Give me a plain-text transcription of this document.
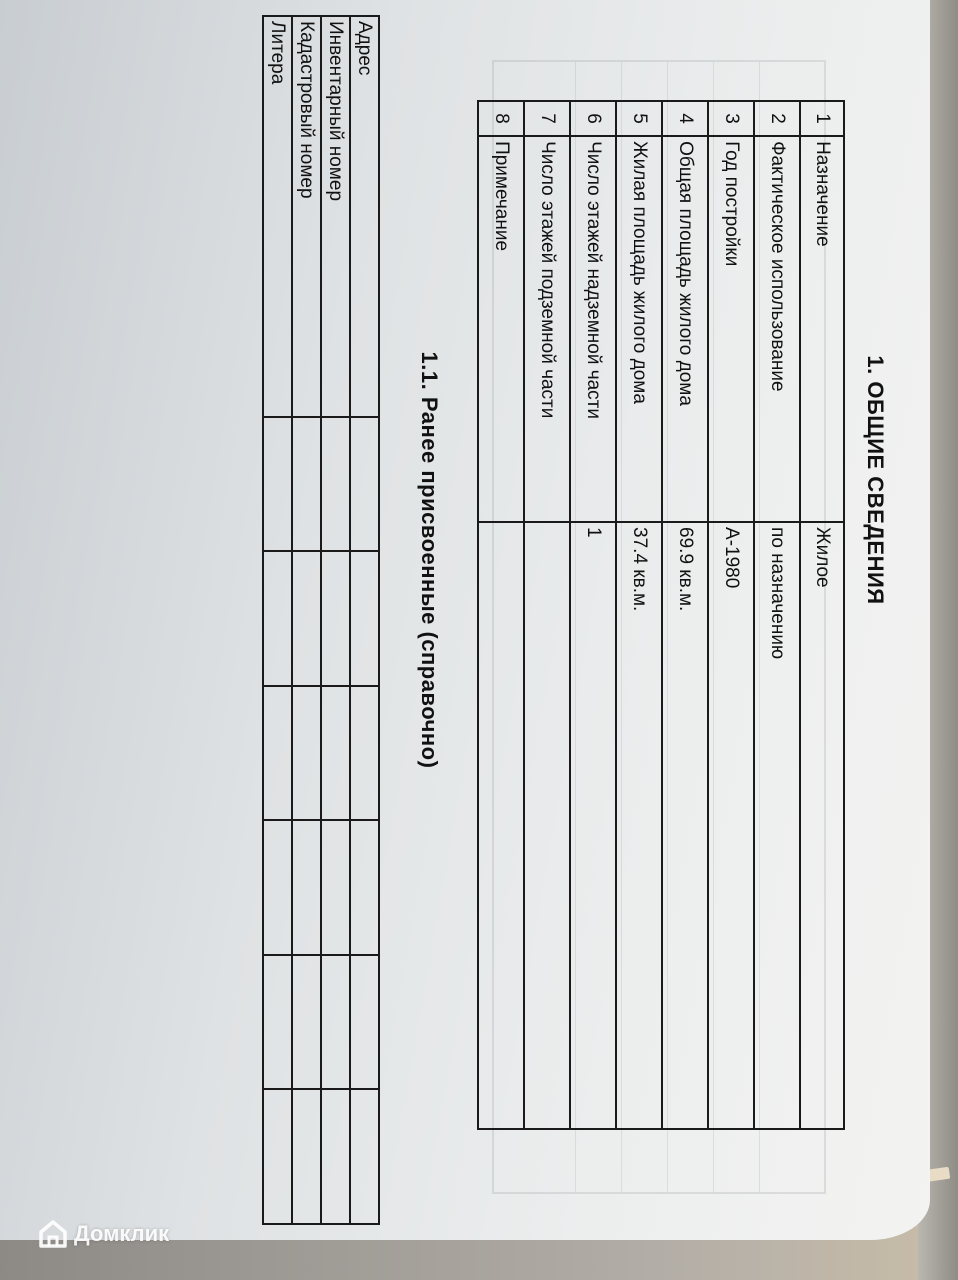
1. ОБЩИЕ СВЕДЕНИЯ
1	Назначение	Жилое
2	Фактическое использование	по назначению
3	Год постройки	А-1980
4	Общая площадь жилого дома	69.9 кв.м.
5	Жилая площадь жилого дома	37.4 кв.м.
6	Число этажей надземной части	1
7	Число этажей подземной части	
8	Примечание	
1.1. Ранее присвоенные (справочно)
Адрес						
Инвентарный номер						
Кадастровый номер						
Литера						
Домклик
